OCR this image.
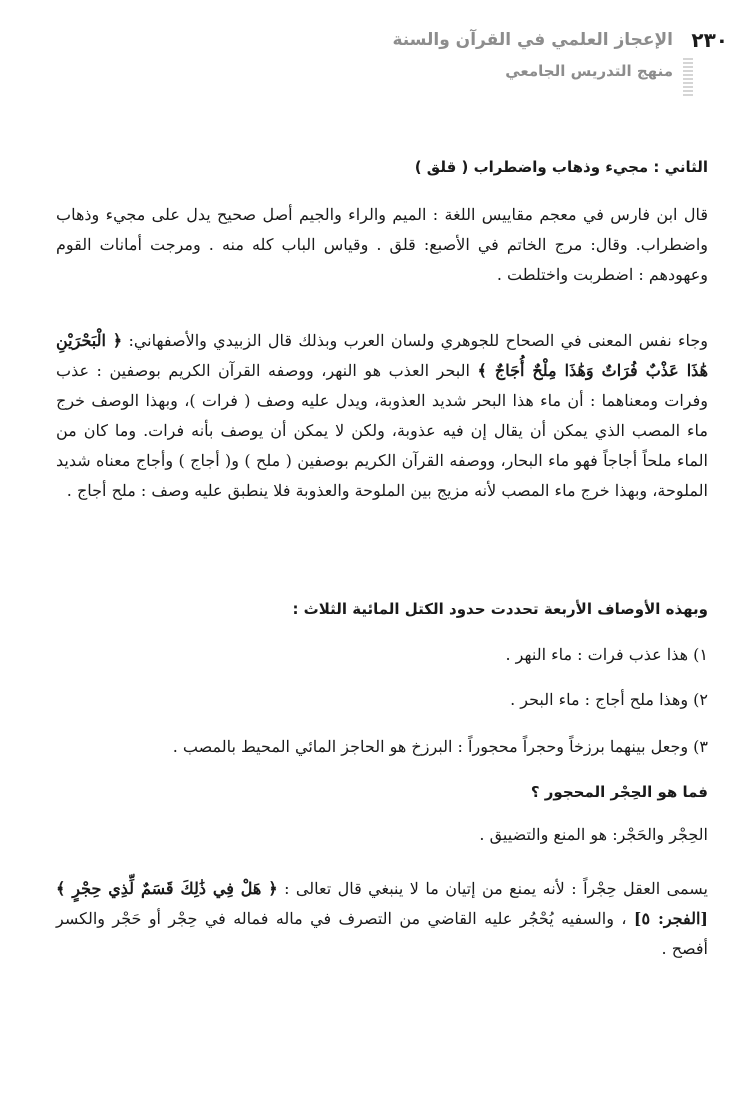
٢٣٠
الإعجاز العلمي في القرآن والسنة
منهج التدريس الجامعي
الثاني : مجيء وذهاب واضطراب ( قلق )
قال ابن فارس في معجم مقاييس اللغة : الميم والراء والجيم أصل صحيح يدل على مجيء وذهاب واضطراب. وقال: مرج الخاتم في الأصبع: قلق . وقياس الباب كله منه . ومرجت أمانات القوم وعهودهم : اضطربت واختلطت .
وجاء نفس المعنى في الصحاح للجوهري ولسان العرب وبذلك قال الزبيدي والأصفهاني: ﴿ الْبَحْرَيْنِ هَٰذَا عَذْبٌ فُرَاتٌ وَهَٰذَا مِلْحٌ أُجَاجٌ ﴾ البحر العذب هو النهر، ووصفه القرآن الكريم بوصفين : عذب وفرات ومعناهما : أن ماء هذا البحر شديد العذوبة، ويدل عليه وصف ( فرات )، وبهذا الوصف خرج ماء المصب الذي يمكن أن يقال إن فيه عذوبة، ولكن لا يمكن أن يوصف بأنه فرات. وما كان من الماء ملحاً أجاجاً فهو ماء البحار، ووصفه القرآن الكريم بوصفين ( ملح ) و( أجاج ) وأجاج معناه شديد الملوحة، وبهذا خرج ماء المصب لأنه مزيج بين الملوحة والعذوبة فلا ينطبق عليه وصف : ملح أجاج .
وبهذه الأوصاف الأربعة تحددت حدود الكتل المائية الثلاث :
١) هذا عذب فرات : ماء النهر .
٢) وهذا ملح أجاج : ماء البحر .
٣) وجعل بينهما برزخاً وحجراً محجوراً : البرزخ هو الحاجز المائي المحيط بالمصب .
فما هو الحِجْر المحجور ؟
الحِجْر والحَجْر: هو المنع والتضييق .
يسمى العقل حِجْراً : لأنه يمنع من إتيان ما لا ينبغي قال تعالى : ﴿ هَلْ فِي ذَٰلِكَ قَسَمٌ لِّذِي حِجْرٍ ﴾ [الفجر: ٥] ، والسفيه يُحْجُر عليه القاضي من التصرف في ماله فماله في حِجْر أو حَجْر والكسر أفصح .
